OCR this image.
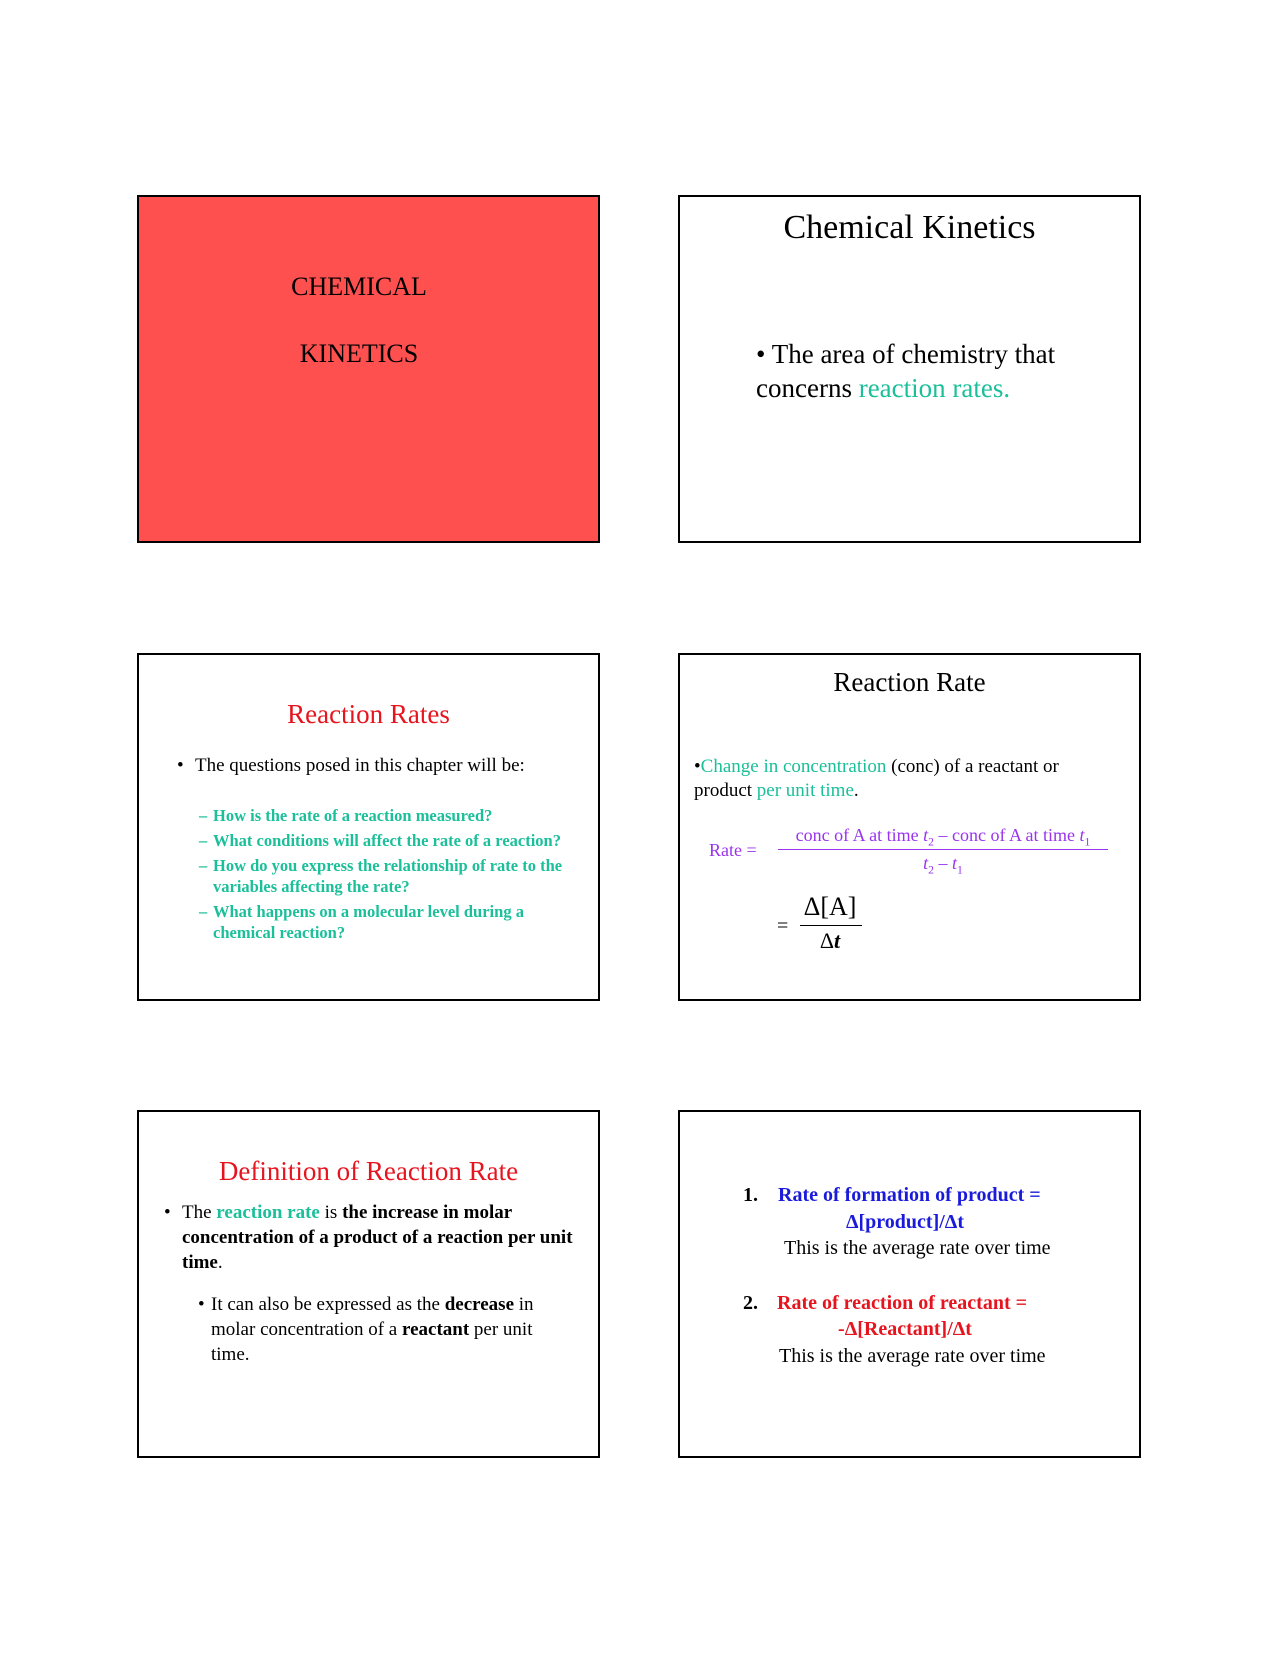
CHEMICAL
KINETICS
Chemical Kinetics
• The area of chemistry that concerns reaction rates.
Reaction Rates
• The questions posed in this chapter will be:
– How is the rate of a reaction measured?
– What conditions will affect the rate of a reaction?
– How do you express the relationship of rate to the variables affecting the rate?
– What happens on a molecular level during a chemical reaction?
Reaction Rate
•Change in concentration (conc) of a reactant or product per unit time.
Rate =
conc of A at time $t_2$ – conc of A at time $t_1$
$t_2 - t_1$
=
Δ[A]
Δt
Definition of Reaction Rate
• The reaction rate is the increase in molar concentration of a product of a reaction per unit time.
• It can also be expressed as the decrease in molar concentration of a reactant per unit time.
1. Rate of formation of product =
Δ[product]/Δt
This is the average rate over time
2. Rate of reaction of reactant =
-Δ[Reactant]/Δt
This is the average rate over time
